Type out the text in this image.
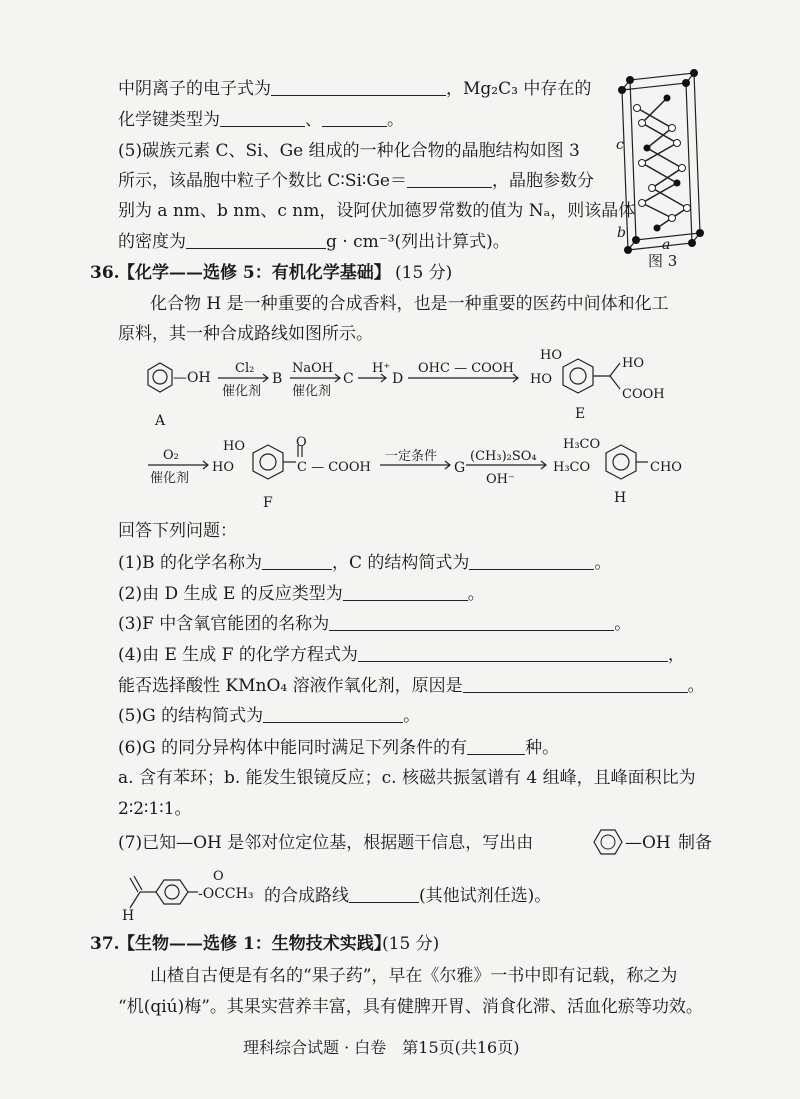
中阴离子的电子式为	，Mg₂C₃ 中存在的
化学键类型为	、	。
(5)碳族元素 C、Si、Ge 组成的一种化合物的晶胞结构如图 3
所示，该晶胞中粒子个数比 C∶Si∶Ge＝	，晶胞参数分
别为 a nm、b nm、c nm，设阿伏加德罗常数的值为 Nₐ，则该晶体
的密度为	g · cm⁻³(列出计算式)。
c
b
a
图 3
36.
【化学——选修 5：有机化学基础】 (15 分)
化合物 H 是一种重要的合成香料，也是一种重要的医药中间体和化工
原料，其一种合成路线如图所示。
—OH
A
Cl₂
催化剂
B
NaOH
催化剂
C
H⁺
D
OHC — COOH
HO
HO
HO
COOH
E
O₂
催化剂
HO
HO
O
C — COOH
F
一定条件
G
(CH₃)₂SO₄
OH⁻
H₃CO
H₃CO	CHO
H
回答下列问题：
(1)B 的化学名称为	，C 的结构简式为	。
(2)由 D 生成 E 的反应类型为	。
(3)F 中含氧官能团的名称为	。
(4)由 E 生成 F 的化学方程式为	，
能否选择酸性 KMnO₄ 溶液作氧化剂，原因是	。
(5)G 的结构简式为	。
(6)G 的同分异构体中能同时满足下列条件的有	种。
a. 含有苯环；b. 能发生银镜反应；c. 核磁共振氢谱有 4 组峰，且峰面积比为
2∶2∶1∶1。
(7)已知—OH 是邻对位定位基，根据题干信息，写出由	—OH 制备
H
O
-OCCH₃ 的合成路线	(其他试剂任选)。
37.
【生物——选修 1：生物技术实践】
(15 分)
山楂自古便是有名的“果子药”，早在《尔雅》一书中即有记载，称之为
“机(qiú)梅”。其果实营养丰富，具有健脾开胃、消食化滞、活血化瘀等功效。
理科综合试题 · 白卷　第15页(共16页)
